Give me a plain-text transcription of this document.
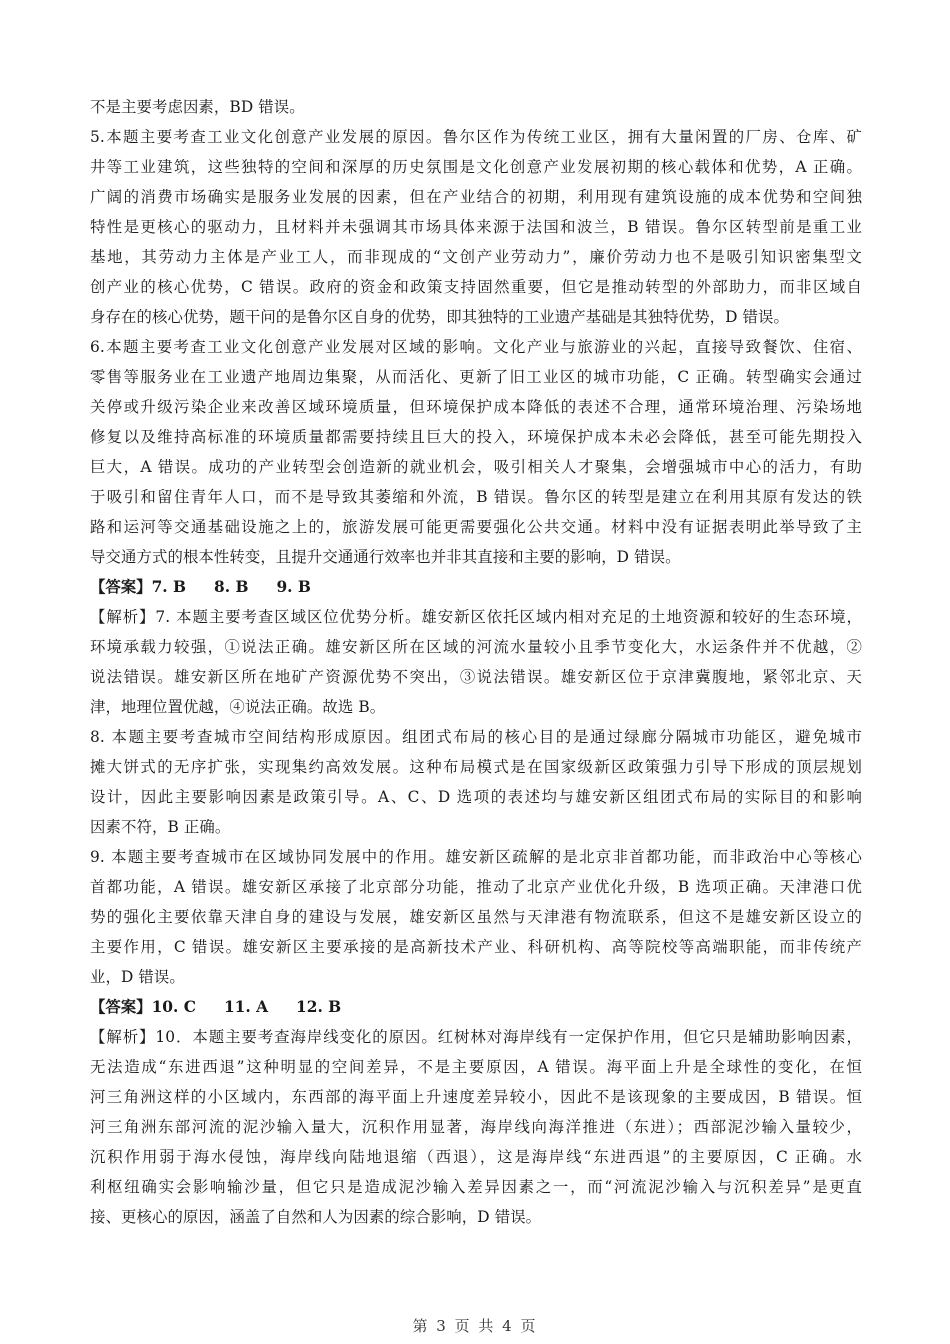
不是主要考虑因素，BD 错误。
5.本题主要考查工业文化创意产业发展的原因。鲁尔区作为传统工业区，拥有大量闲置的厂房、仓库、矿
井等工业建筑，这些独特的空间和深厚的历史氛围是文化创意产业发展初期的核心载体和优势，A 正确。
广阔的消费市场确实是服务业发展的因素，但在产业结合的初期，利用现有建筑设施的成本优势和空间独
特性是更核心的驱动力，且材料并未强调其市场具体来源于法国和波兰，B 错误。鲁尔区转型前是重工业
基地，其劳动力主体是产业工人，而非现成的“文创产业劳动力”，廉价劳动力也不是吸引知识密集型文
创产业的核心优势，C 错误。政府的资金和政策支持固然重要，但它是推动转型的外部助力，而非区域自
身存在的核心优势，题干问的是鲁尔区自身的优势，即其独特的工业遗产基础是其独特优势，D 错误。
6.本题主要考查工业文化创意产业发展对区域的影响。文化产业与旅游业的兴起，直接导致餐饮、住宿、
零售等服务业在工业遗产地周边集聚，从而活化、更新了旧工业区的城市功能，C 正确。转型确实会通过
关停或升级污染企业来改善区域环境质量，但环境保护成本降低的表述不合理，通常环境治理、污染场地
修复以及维持高标准的环境质量都需要持续且巨大的投入，环境保护成本未必会降低，甚至可能先期投入
巨大，A 错误。成功的产业转型会创造新的就业机会，吸引相关人才聚集，会增强城市中心的活力，有助
于吸引和留住青年人口，而不是导致其萎缩和外流，B 错误。鲁尔区的转型是建立在利用其原有发达的铁
路和运河等交通基础设施之上的，旅游发展可能更需要强化公共交通。材料中没有证据表明此举导致了主
导交通方式的根本性转变，且提升交通通行效率也并非其直接和主要的影响，D 错误。
【答案】7. B 8. B 9. B
【解析】7. 本题主要考查区域区位优势分析。雄安新区依托区域内相对充足的土地资源和较好的生态环境，
环境承载力较强，①说法正确。雄安新区所在区域的河流水量较小且季节变化大，水运条件并不优越，②
说法错误。雄安新区所在地矿产资源优势不突出，③说法错误。雄安新区位于京津冀腹地，紧邻北京、天
津，地理位置优越，④说法正确。故选 B。
8. 本题主要考查城市空间结构形成原因。组团式布局的核心目的是通过绿廊分隔城市功能区，避免城市
摊大饼式的无序扩张，实现集约高效发展。这种布局模式是在国家级新区政策强力引导下形成的顶层规划
设计，因此主要影响因素是政策引导。A、C、D 选项的表述均与雄安新区组团式布局的实际目的和影响
因素不符，B 正确。
9. 本题主要考查城市在区域协同发展中的作用。雄安新区疏解的是北京非首都功能，而非政治中心等核心
首都功能，A 错误。雄安新区承接了北京部分功能，推动了北京产业优化升级，B 选项正确。天津港口优
势的强化主要依靠天津自身的建设与发展，雄安新区虽然与天津港有物流联系，但这不是雄安新区设立的
主要作用，C 错误。雄安新区主要承接的是高新技术产业、科研机构、高等院校等高端职能，而非传统产
业，D 错误。
【答案】10. C 11. A 12. B
【解析】10．本题主要考查海岸线变化的原因。红树林对海岸线有一定保护作用，但它只是辅助影响因素，
无法造成“东进西退”这种明显的空间差异，不是主要原因，A 错误。海平面上升是全球性的变化，在恒
河三角洲这样的小区域内，东西部的海平面上升速度差异较小，因此不是该现象的主要成因，B 错误。恒
河三角洲东部河流的泥沙输入量大，沉积作用显著，海岸线向海洋推进（东进）；西部泥沙输入量较少，
沉积作用弱于海水侵蚀，海岸线向陆地退缩（西退），这是海岸线“东进西退”的主要原因，C 正确。水
利枢纽确实会影响输沙量，但它只是造成泥沙输入差异因素之一，而“河流泥沙输入与沉积差异”是更直
接、更核心的原因，涵盖了自然和人为因素的综合影响，D 错误。
第 3 页 共 4 页
